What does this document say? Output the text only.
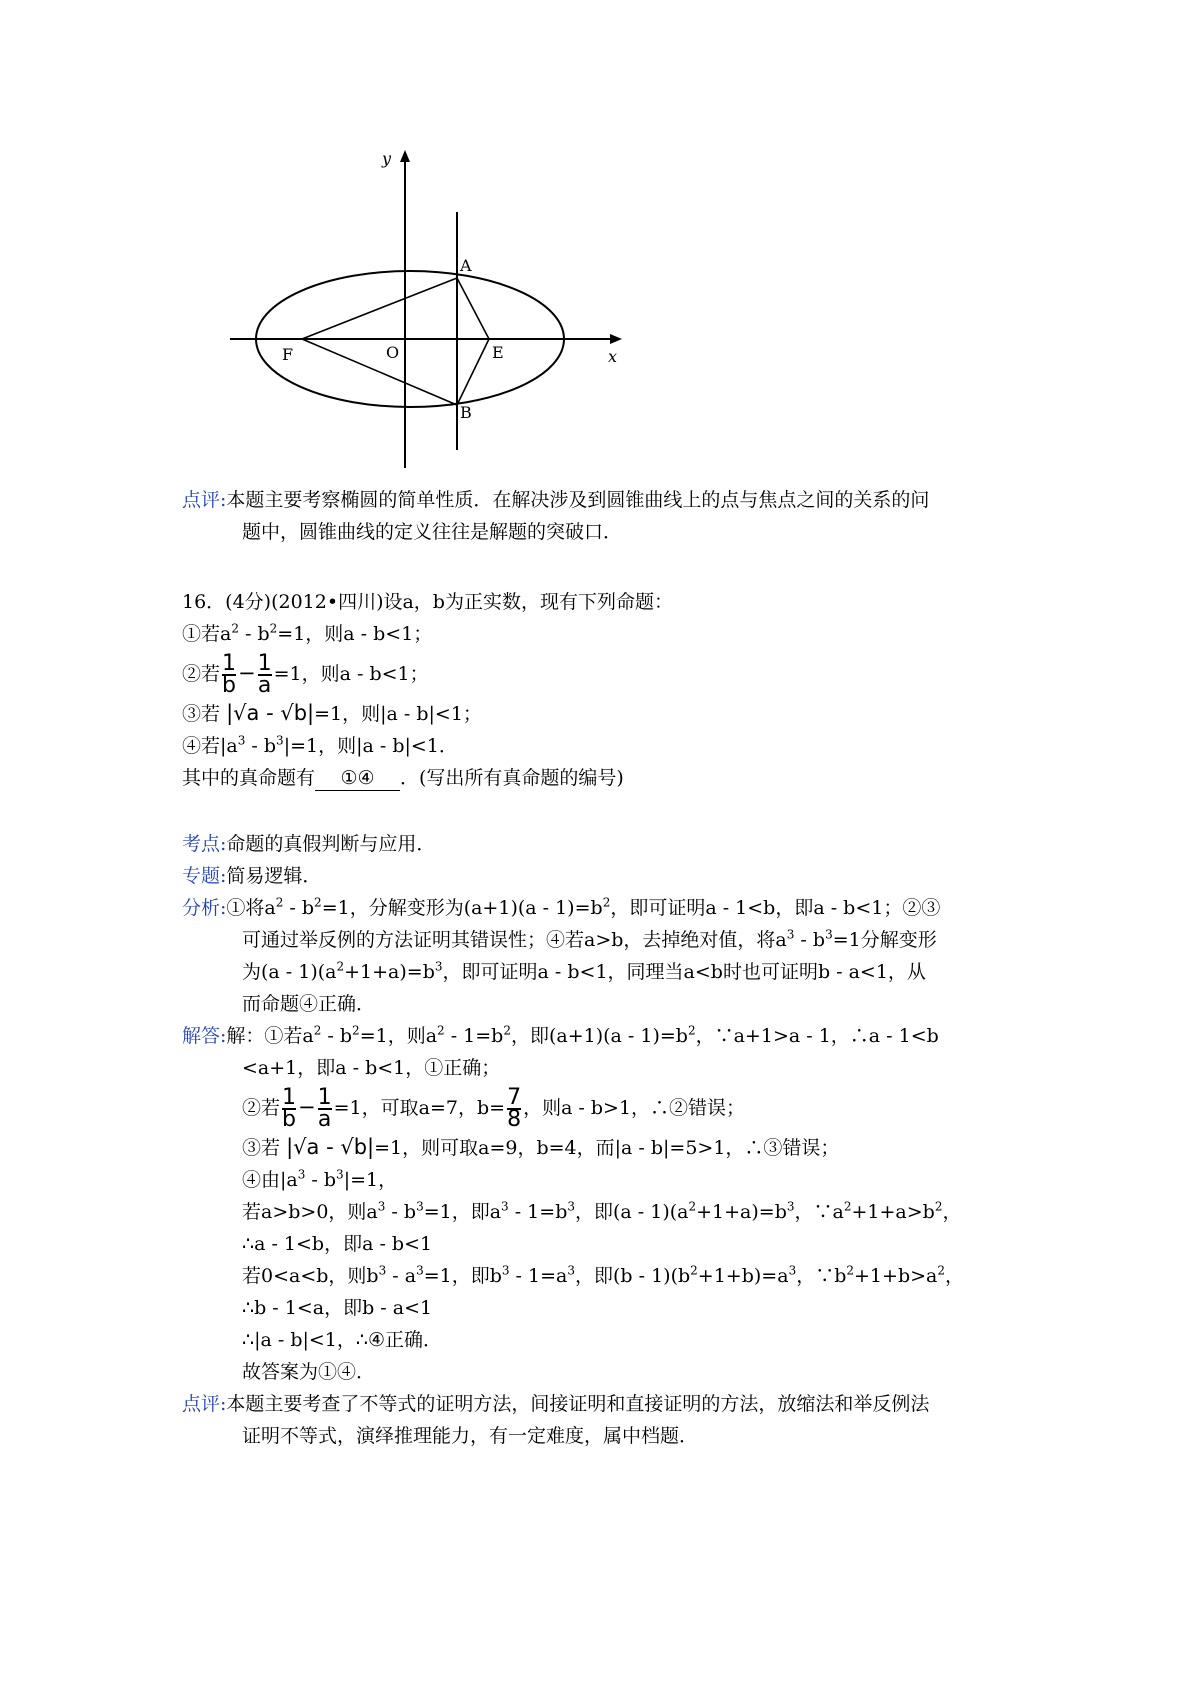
y
x
A
B
E
F	O
点评:本题主要考察椭圆的简单性质．在解决涉及到圆锥曲线上的点与焦点之间的关系的问
题中，圆锥曲线的定义往往是解题的突破口．
16．(4分)(2012•四川)设a，b为正实数，现有下列命题：
①若$a^2 - b^2=1$，则a - b<1；
②若 $\frac{1}{b} - \frac{1}{a} =1$，则a - b<1；
③若 |√a - √b|=1，则|a - b|<1；
④若$|a^3 - b^3|=1$，则|a - b|<1．
其中的真命题有 ①④ ．(写出所有真命题的编号)
考点:命题的真假判断与应用．
专题:简易逻辑．
分析:①将$a^2 - b^2=1$，分解变形为$(a+1)(a - 1)=b^2$，即可证明a - 1<b，即a - b<1；②③
可通过举反例的方法证明其错误性；④若a>b，去掉绝对值，将$a^3 - b^3=1$分解变形
为$(a - 1)(a^2+1+a)=b^3$，即可证明a - b<1，同理当a<b时也可证明b - a<1，从
而命题④正确．
解答:解：①若$a^2 - b^2=1$，则$a^2 - 1=b^2$，即$(a+1)(a - 1)=b^2$，∵a+1>a - 1，∴a - 1<b
<a+1，即a - b<1，①正确；
②若 $\frac{1}{b} - \frac{1}{a} =1$，可取a=7，$b= \frac{7}{8}$ ，则a - b>1，∴②错误；
③若 |√a - √b|=1，则可取a=9，b=4，而|a - b|=5>1，∴③错误；
④由$|a^3 - b^3|=1$，
若a>b>0，则$a^3 - b^3=1$，即$a^3 - 1=b^3$，即$(a - 1)(a^2+1+a)=b^3$，$\because a^2+1+a>b^2$，
∴a - 1<b，即a - b<1
若0<a<b，则$b^3 - a^3=1$，即$b^3 - 1=a^3$，即$(b - 1)(b^2+1+b)=a^3$，$\because b^2+1+b>a^2$，
∴b - 1<a，即b - a<1
∴|a - b|<1，∴④正确．
故答案为①④．
点评:本题主要考查了不等式的证明方法，间接证明和直接证明的方法，放缩法和举反例法
证明不等式，演绎推理能力，有一定难度，属中档题．
